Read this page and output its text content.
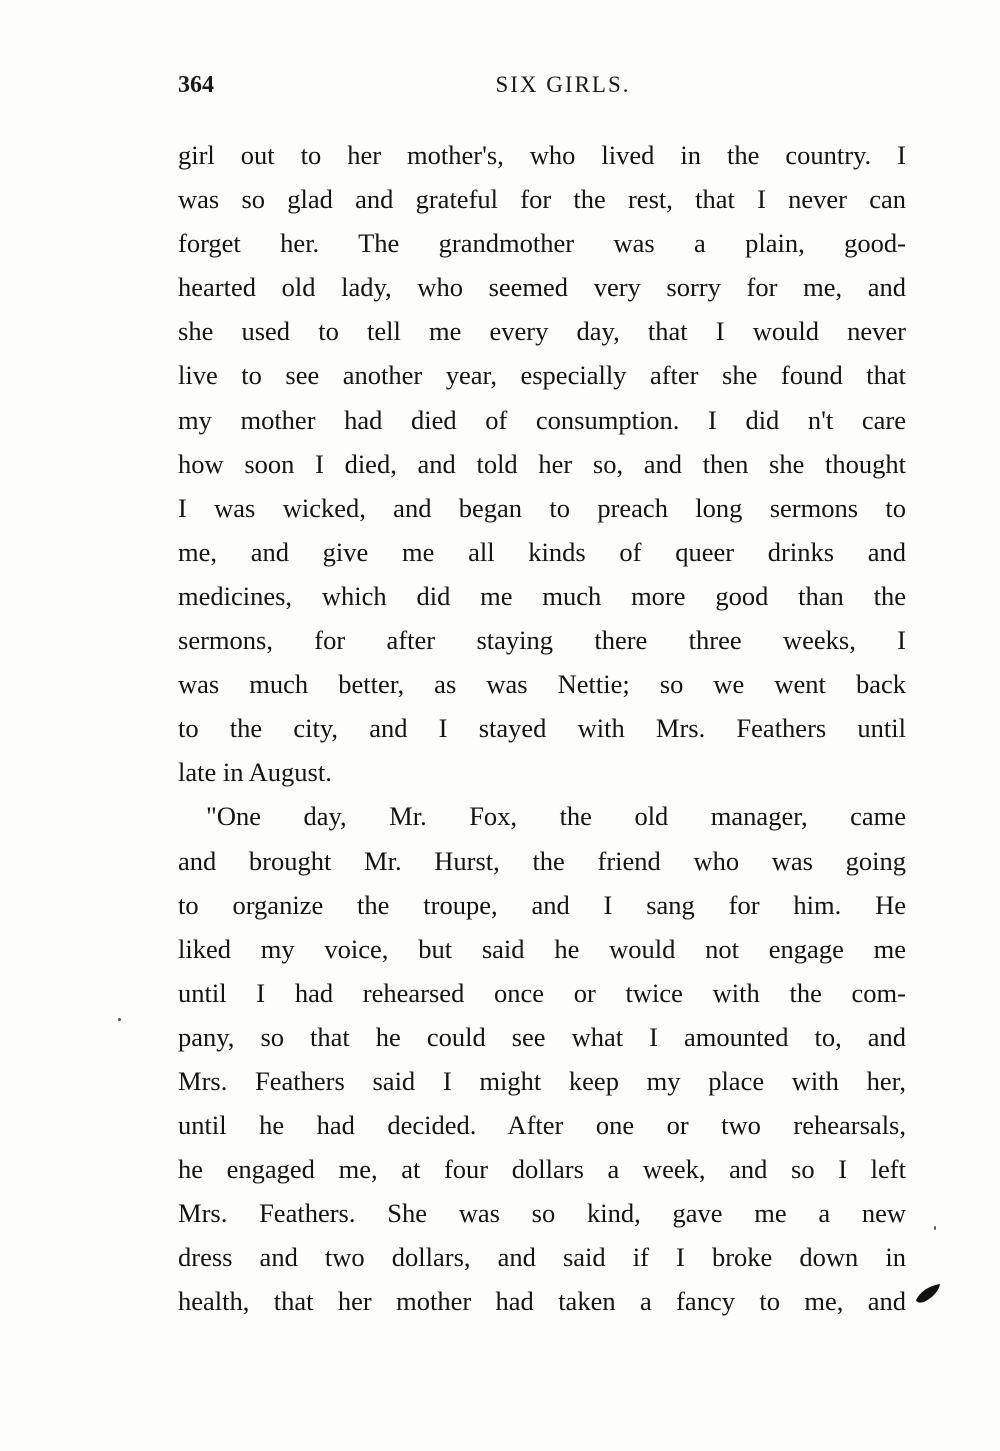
364	SIX GIRLS.
girl out to her mother's, who lived in the country. I
was so glad and grateful for the rest, that I never can
forget her. The grandmother was a plain, good-
hearted old lady, who seemed very sorry for me, and
she used to tell me every day, that I would never
live to see another year, especially after she found that
my mother had died of consumption. I did n't care
how soon I died, and told her so, and then she thought
I was wicked, and began to preach long sermons to
me, and give me all kinds of queer drinks and
medicines, which did me much more good than the
sermons, for after staying there three weeks, I
was much better, as was Nettie; so we went back
to the city, and I stayed with Mrs. Feathers until
late in August.
"One day, Mr. Fox, the old manager, came
and brought Mr. Hurst, the friend who was going
to organize the troupe, and I sang for him. He
liked my voice, but said he would not engage me
until I had rehearsed once or twice with the com-
pany, so that he could see what I amounted to, and
Mrs. Feathers said I might keep my place with her,
until he had decided. After one or two rehearsals,
he engaged me, at four dollars a week, and so I left
Mrs. Feathers. She was so kind, gave me a new
dress and two dollars, and said if I broke down in
health, that her mother had taken a fancy to me, and
